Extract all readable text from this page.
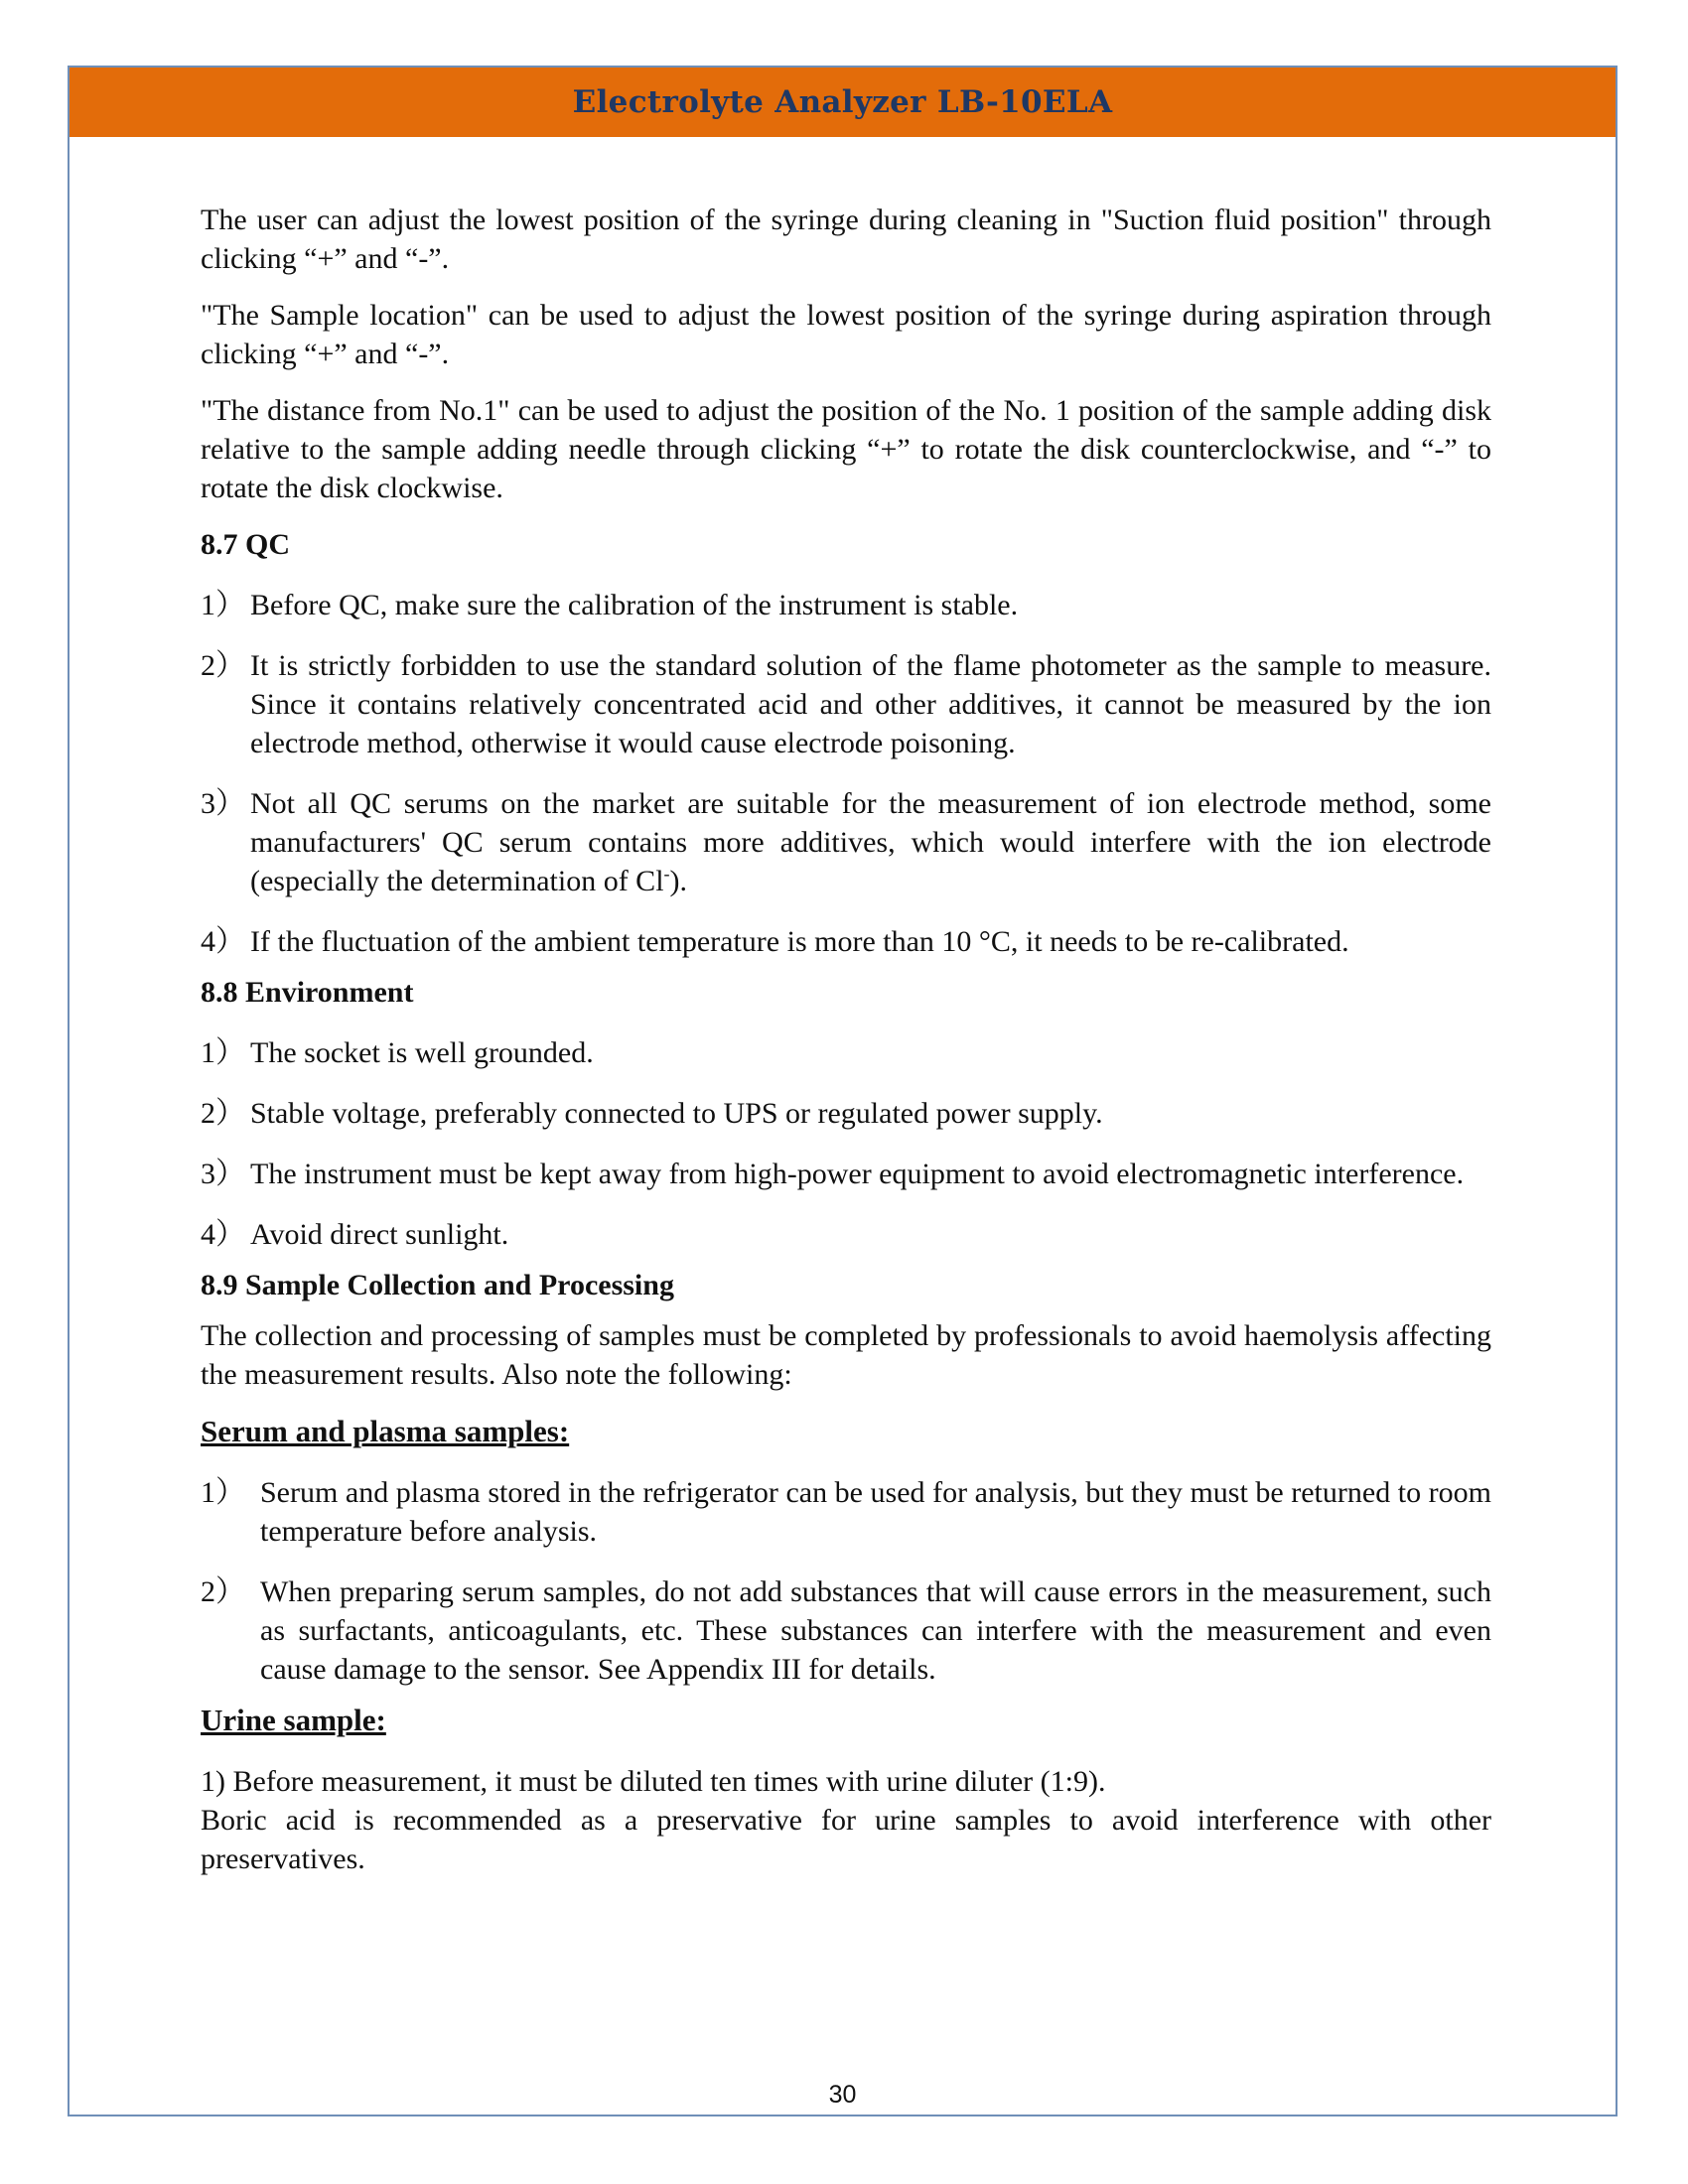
Electrolyte Analyzer LB-10ELA

The user can adjust the lowest position of the syringe during cleaning in "Suction fluid position" through clicking “+” and “-”.

"The Sample location" can be used to adjust the lowest position of the syringe during aspiration through clicking “+” and “-”.

"The distance from No.1" can be used to adjust the position of the No. 1 position of the sample adding disk relative to the sample adding needle through clicking “+” to rotate the disk counterclockwise, and “-” to rotate the disk clockwise.

8.7 QC
1） Before QC, make sure the calibration of the instrument is stable.
2） It is strictly forbidden to use the standard solution of the flame photometer as the sample to measure. Since it contains relatively concentrated acid and other additives, it cannot be measured by the ion electrode method, otherwise it would cause electrode poisoning.
3） Not all QC serums on the market are suitable for the measurement of ion electrode method, some manufacturers' QC serum contains more additives, which would interfere with the ion electrode (especially the determination of Cl-).
4） If the fluctuation of the ambient temperature is more than 10 °C, it needs to be re-calibrated.
8.8 Environment
1） The socket is well grounded.
2） Stable voltage, preferably connected to UPS or regulated power supply.
3） The instrument must be kept away from high-power equipment to avoid electromagnetic interference.
4） Avoid direct sunlight.
8.9 Sample Collection and Processing

The collection and processing of samples must be completed by professionals to avoid haemolysis affecting the measurement results. Also note the following:

Serum and plasma samples:

1） Serum and plasma stored in the refrigerator can be used for analysis, but they must be returned to room temperature before analysis.
2） When preparing serum samples, do not add substances that will cause errors in the measurement, such as surfactants, anticoagulants, etc. These substances can interfere with the measurement and even cause damage to the sensor. See Appendix III for details.

Urine sample:

1) Before measurement, it must be diluted ten times with urine diluter (1:9).

Boric acid is recommended as a preservative for urine samples to avoid interference with other preservatives.

30
